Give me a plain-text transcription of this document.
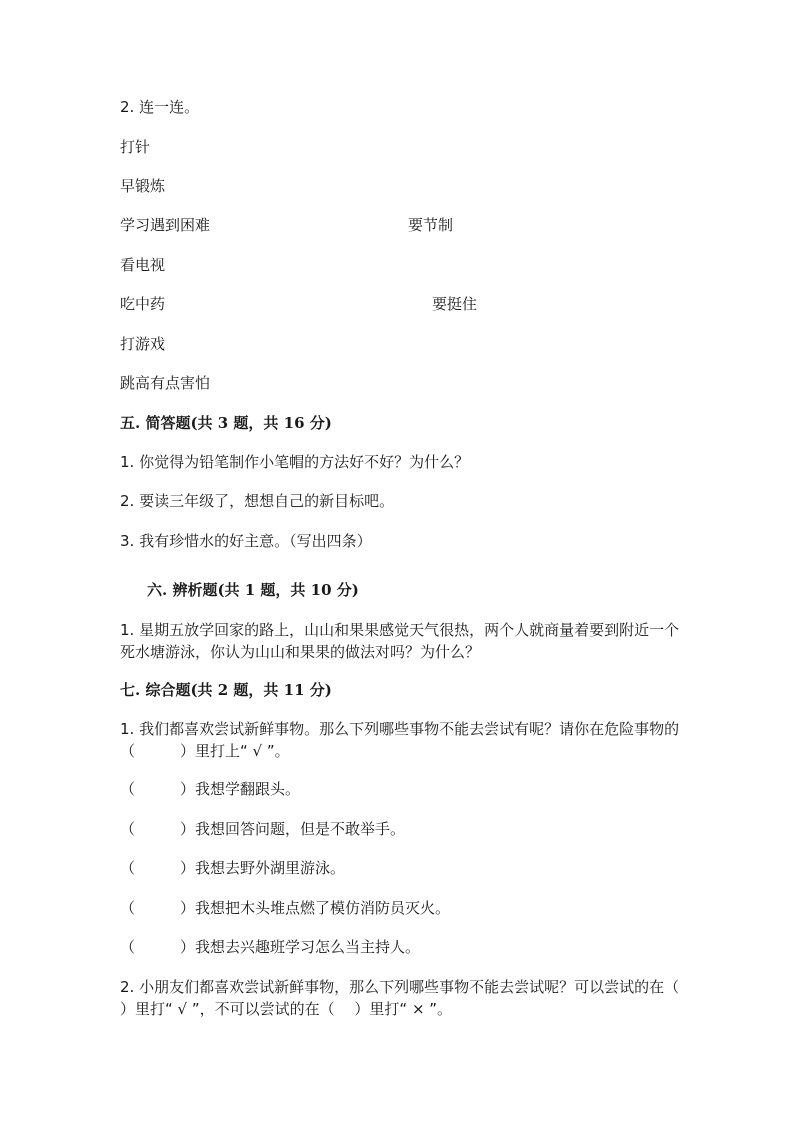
2. 连一连。
打针
早锻炼
学习遇到困难	要节制
看电视
吃中药	要挺住
打游戏
跳高有点害怕
五. 简答题(共 3 题，共 16 分)
1. 你觉得为铅笔制作小笔帽的方法好不好？为什么？
2. 要读三年级了，想想自己的新目标吧。
3. 我有珍惜水的好主意。（写出四条）
六. 辨析题(共 1 题，共 10 分)
1. 星期五放学回家的路上，山山和果果感觉天气很热，两个人就商量着要到附近一个死水塘游泳，你认为山山和果果的做法对吗？为什么？
七. 综合题(共 2 题，共 11 分)
1. 我们都喜欢尝试新鲜事物。那么下列哪些事物不能去尝试有呢？请你在危险事物的（　　　）里打上“ √ ”。
（　　　）我想学翻跟头。
（　　　）我想回答问题，但是不敢举手。
（　　　）我想去野外湖里游泳。
（　　　）我想把木头堆点燃了模仿消防员灭火。
（　　　）我想去兴趣班学习怎么当主持人。
2. 小朋友们都喜欢尝试新鲜事物，那么下列哪些事物不能去尝试呢？可以尝试的在（　 ）里打“ √ ”，不可以尝试的在（　 ）里打“ × ”。
